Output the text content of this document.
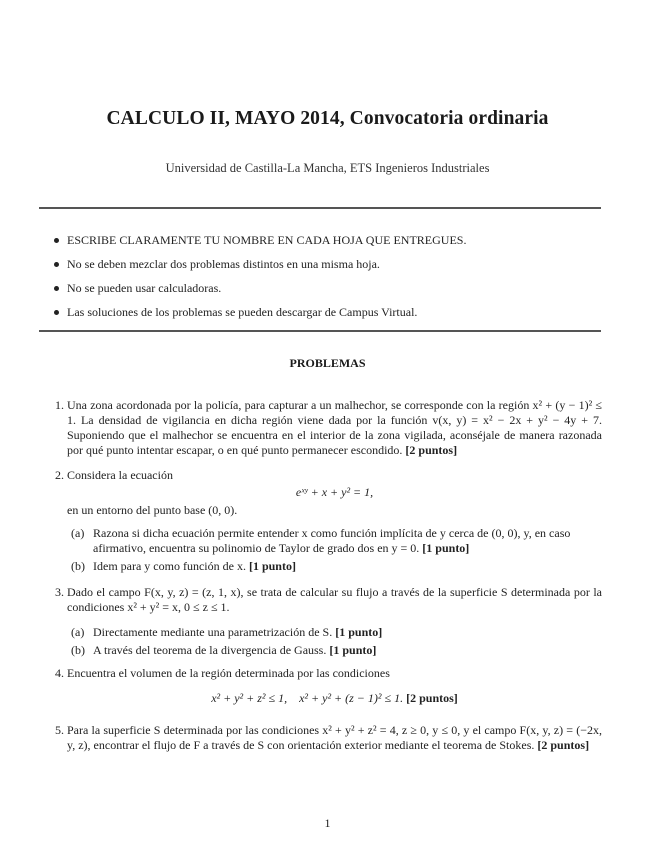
CALCULO II, MAYO 2014, Convocatoria ordinaria
Universidad de Castilla-La Mancha, ETS Ingenieros Industriales
ESCRIBE CLARAMENTE TU NOMBRE EN CADA HOJA QUE ENTREGUES.
No se deben mezclar dos problemas distintos en una misma hoja.
No se pueden usar calculadoras.
Las soluciones de los problemas se pueden descargar de Campus Virtual.
PROBLEMAS
1. Una zona acordonada por la policía, para capturar a un malhechor, se corresponde con la región x² + (y − 1)² ≤ 1. La densidad de vigilancia en dicha región viene dada por la función v(x, y) = x² − 2x + y² − 4y + 7. Suponiendo que el malhechor se encuentra en el interior de la zona vigilada, aconséjale de manera razonada por qué punto intentar escapar, o en qué punto permanecer escondido. [2 puntos]
2. Considera la ecuación
eˣʸ + x + y² = 1,
en un entorno del punto base (0, 0).
(a) Razona si dicha ecuación permite entender x como función implícita de y cerca de (0, 0), y, en caso afirmativo, encuentra su polinomio de Taylor de grado dos en y = 0. [1 punto]
(b) Idem para y como función de x. [1 punto]
3. Dado el campo F(x, y, z) = (z, 1, x), se trata de calcular su flujo a través de la superficie S determinada por la condiciones x² + y² = x, 0 ≤ z ≤ 1.
(a) Directamente mediante una parametrización de S. [1 punto]
(b) A través del teorema de la divergencia de Gauss. [1 punto]
4. Encuentra el volumen de la región determinada por las condiciones
x² + y² + z² ≤ 1,    x² + y² + (z − 1)² ≤ 1. [2 puntos]
5. Para la superficie S determinada por las condiciones x² + y² + z² = 4, z ≥ 0, y ≤ 0, y el campo F(x, y, z) = (−2x, y, z), encontrar el flujo de F a través de S con orientación exterior mediante el teorema de Stokes. [2 puntos]
1
